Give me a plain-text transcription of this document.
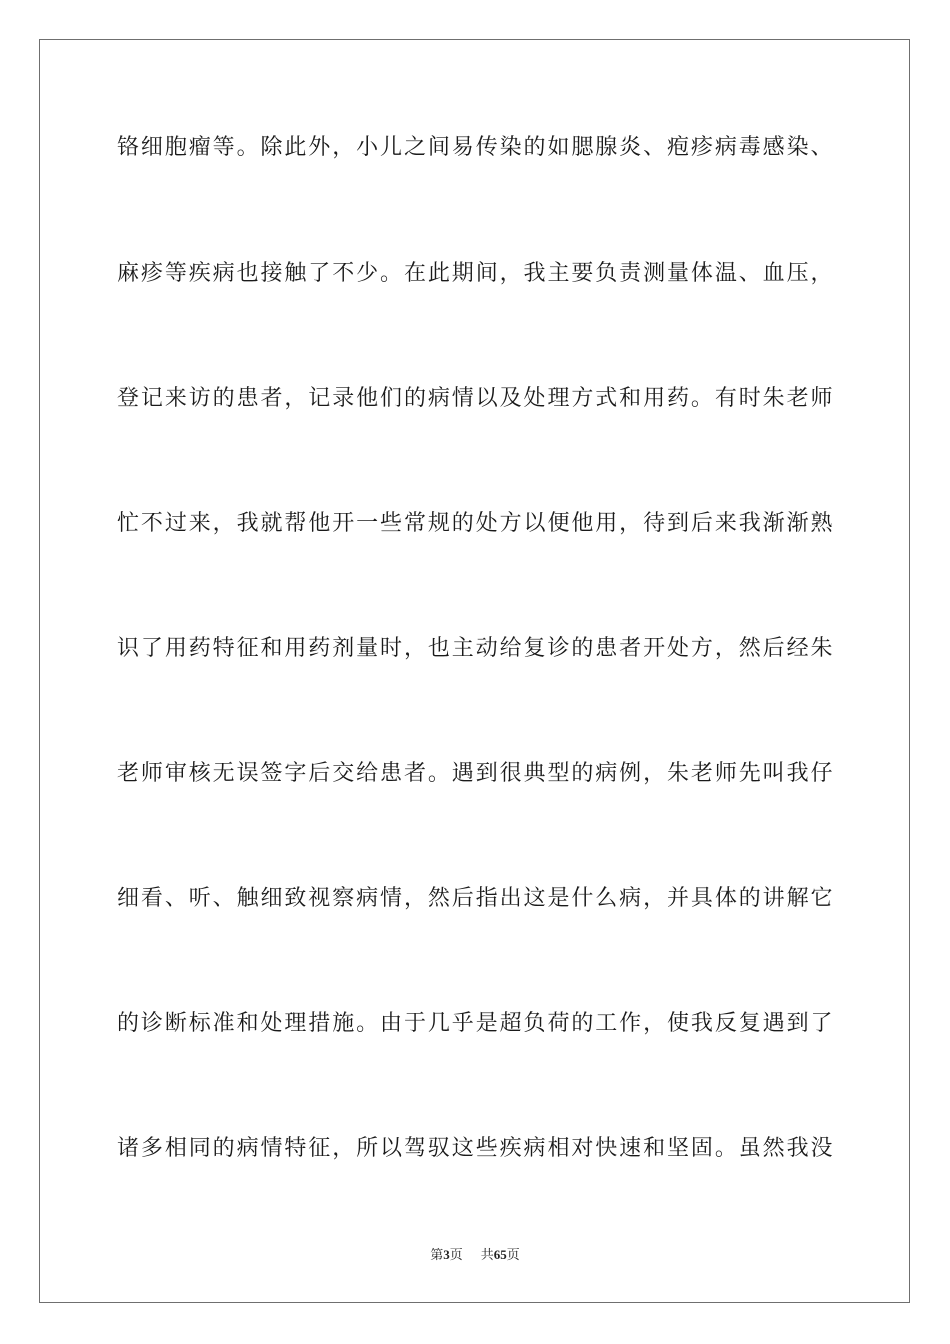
铬细胞瘤等。除此外，小儿之间易传染的如腮腺炎、疱疹病毒感染、
麻疹等疾病也接触了不少。在此期间，我主要负责测量体温、血压，
登记来访的患者，记录他们的病情以及处理方式和用药。有时朱老师
忙不过来，我就帮他开一些常规的处方以便他用，待到后来我渐渐熟
识了用药特征和用药剂量时，也主动给复诊的患者开处方，然后经朱
老师审核无误签字后交给患者。遇到很典型的病例，朱老师先叫我仔
细看、听、触细致视察病情，然后指出这是什么病，并具体的讲解它
的诊断标准和处理措施。由于几乎是超负荷的工作，使我反复遇到了
诸多相同的病情特征，所以驾驭这些疾病相对快速和坚固。虽然我没
第3页 共65页
